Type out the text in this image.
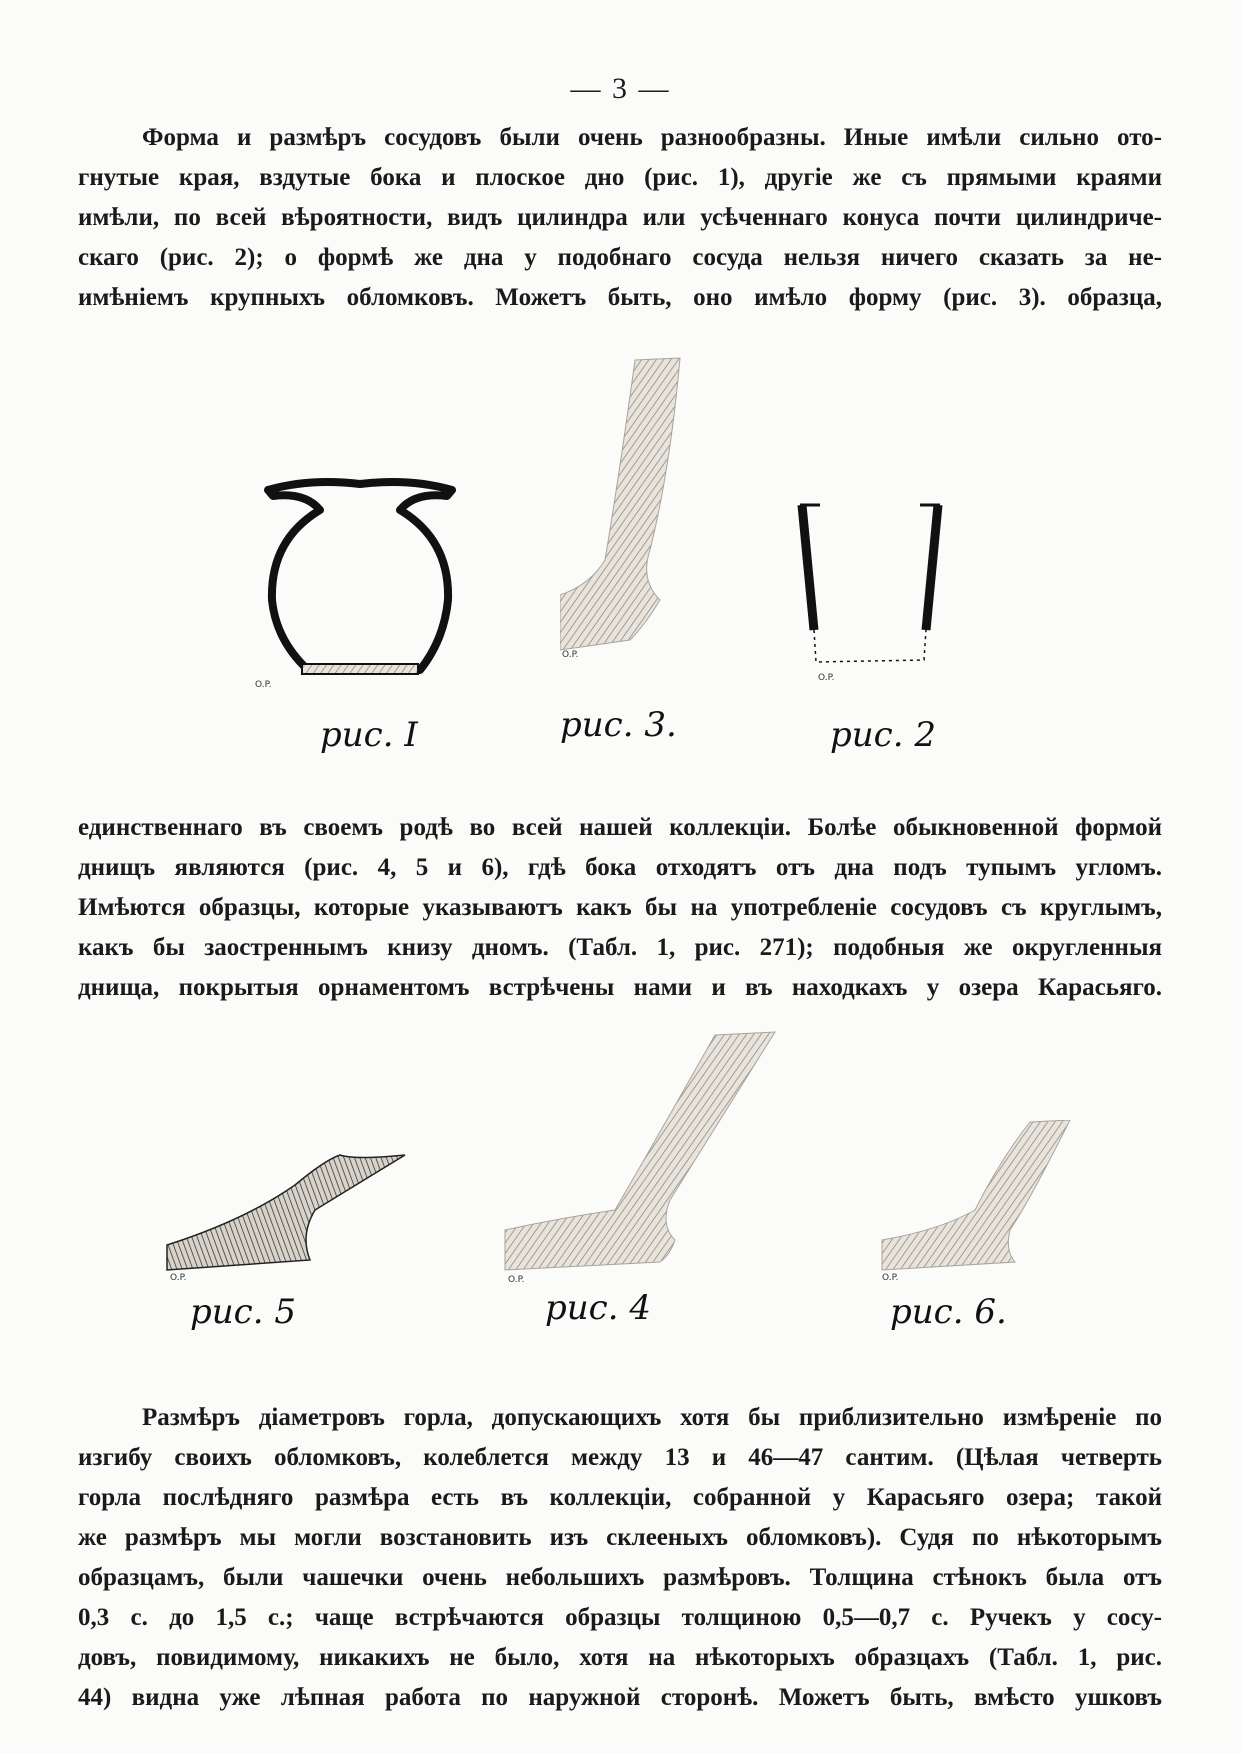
— 3 —
Форма и размѣръ сосудовъ были очень разнообразны. Иные имѣли сильно ото-
гнутые края, вздутые бока и плоское дно (рис. 1), другiе же съ прямыми краями
имѣли, по всей вѣроятности, видъ цилиндра или усѣченнаго конуса почти цилиндриче-
скаго (рис. 2); о формѣ же дна у подобнаго сосуда нельзя ничего сказать за не-
имѣнiемъ крупныхъ обломковъ. Можетъ быть, оно имѣло форму (рис. 3). образца,
O.P.
O.P.
O.P.
рис. I	рис. 3.	рис. 2
единственнаго въ своемъ родѣ во всей нашей коллекцiи. Болѣе обыкновенной формой
днищъ являются (рис. 4, 5 и 6), гдѣ бока отходятъ отъ дна подъ тупымъ угломъ.
Имѣются образцы, которые указываютъ какъ бы на употребленiе сосудовъ съ круглымъ,
какъ бы заостреннымъ книзу дномъ. (Табл. 1, рис. 271); подобныя же округленныя
днища, покрытыя орнаментомъ встрѣчены нами и въ находкахъ у озера Карасьяго.
O.P.	O.P.	O.P.
рис. 5	рис. 4	рис. 6.
Размѣръ дiаметровъ горла, допускающихъ хотя бы приблизительно измѣренiе по
изгибу своихъ обломковъ, колеблется между 13 и 46—47 сантим. (Цѣлая четверть
горла послѣдняго размѣра есть въ коллекцiи, собранной у Карасьяго озера; такой
же размѣръ мы могли возстановить изъ склееныхъ обломковъ). Судя по нѣкоторымъ
образцамъ, были чашечки очень небольшихъ размѣровъ. Толщина стѣнокъ была отъ
0,3 с. до 1,5 с.; чаще встрѣчаются образцы толщиною 0,5—0,7 с. Ручекъ у сосу-
довъ, повидимому, никакихъ не было, хотя на нѣкоторыхъ образцахъ (Табл. 1, рис.
44) видна уже лѣпная работа по наружной сторонѣ. Можетъ быть, вмѣсто ушковъ
